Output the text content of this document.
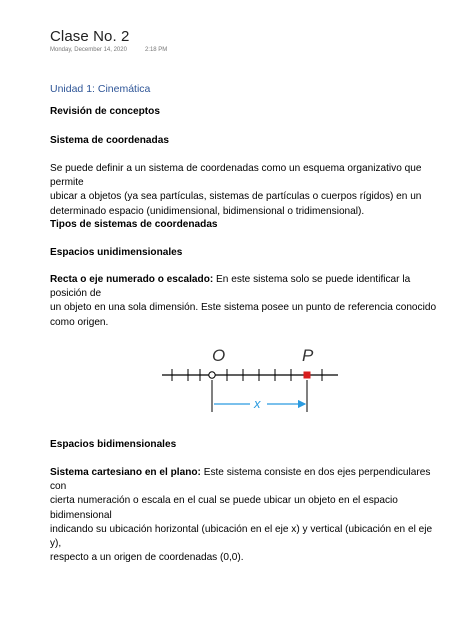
Clase No. 2
Monday, December 14, 2020	2:18 PM
Unidad 1: Cinemática
Revisión de conceptos
Sistema de coordenadas
Se puede definir a un sistema de coordenadas como un esquema organizativo que permite
ubicar a objetos (ya sea partículas, sistemas de partículas o cuerpos rígidos) en un
determinado espacio (unidimensional, bidimensional o tridimensional).
Tipos de sistemas de coordenadas
Espacios unidimensionales
Recta o eje numerado o escalado: En este sistema solo se puede identificar la posición de
un objeto en una sola dimensión. Este sistema posee un punto de referencia conocido
como origen.
O	P
x
Espacios bidimensionales
Sistema cartesiano en el plano: Este sistema consiste en dos ejes perpendiculares con
cierta numeración o escala en el cual se puede ubicar un objeto en el espacio bidimensional
indicando su ubicación horizontal (ubicación en el eje x) y vertical (ubicación en el eje y),
respecto a un origen de coordenadas (0,0).
